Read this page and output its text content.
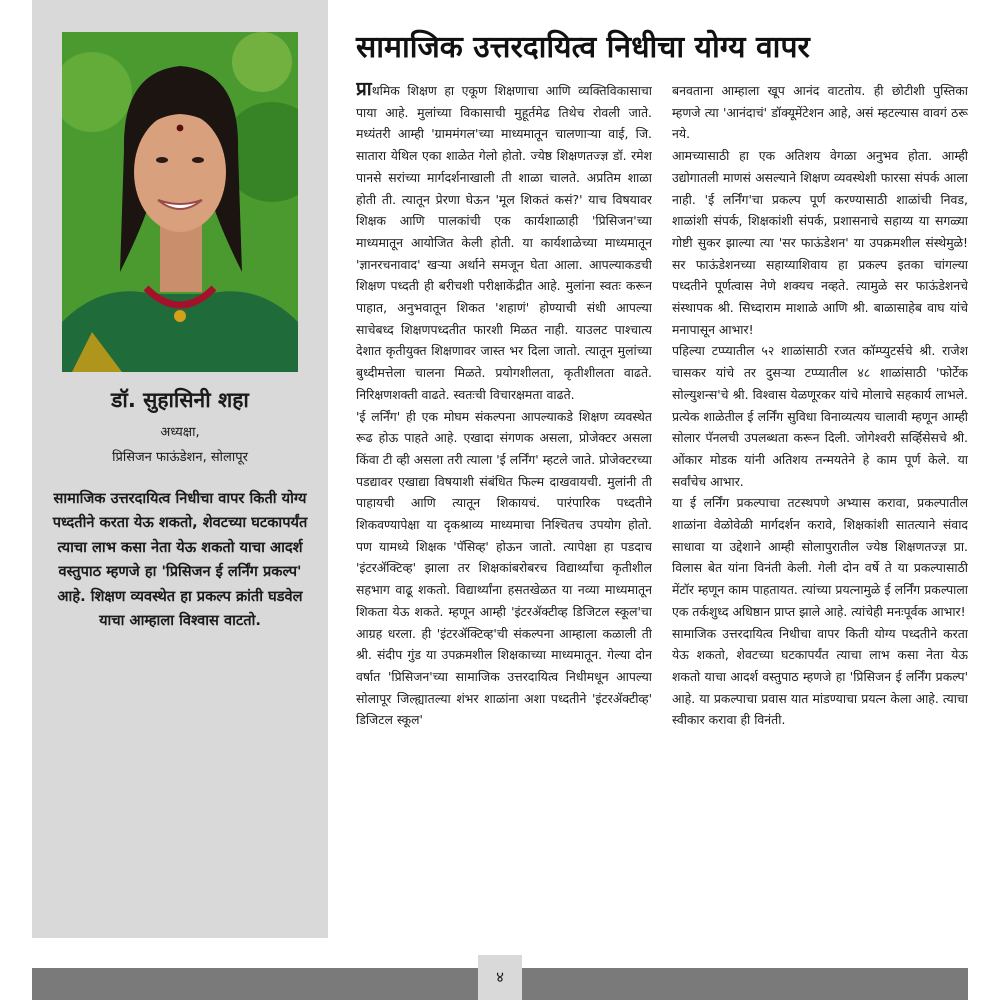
डॉ. सुहासिनी शहा

अध्यक्षा,

प्रिसिजन फाऊंडेशन, सोलापूर

सामाजिक उत्तरदायित्व निधीचा वापर किती योग्य पध्दतीने करता येऊ शकतो, शेवटच्या घटकापर्यंत त्याचा लाभ कसा नेता येऊ शकतो याचा आदर्श वस्तुपाठ म्हणजे हा 'प्रिसिजन ई लर्निंग प्रकल्प' आहे. शिक्षण व्यवस्थेत हा प्रकल्प क्रांती घडवेल याचा आम्हाला विश्वास वाटतो.

सामाजिक उत्तरदायित्व निधीचा योग्य वापर

प्राथमिक शिक्षण हा एकूण शिक्षणाचा आणि व्यक्तिविकासाचा पाया आहे. मुलांच्या विकासाची मुहूर्तमेढ तिथेच रोवली जाते. मध्यंतरी आम्ही 'ग्राममंगल'च्या माध्यमातून चालणाऱ्या वाई, जि. सातारा येथिल एका शाळेत गेलो होतो. ज्येष्ठ शिक्षणतज्ज्ञ डॉ. रमेश पानसे सरांच्या मार्गदर्शनाखाली ती शाळा चालते. अप्रतिम शाळा होती ती. त्यातून प्रेरणा घेऊन 'मूल शिकतं कसं?' याच विषयावर शिक्षक आणि पालकांची एक कार्यशाळाही 'प्रिसिजन'च्या माध्यमातून आयोजित केली होती. या कार्यशाळेच्या माध्यमातून 'ज्ञानरचनावाद' खऱ्या अर्थाने समजून घेता आला. आपल्याकडची शिक्षण पध्दती ही बरीचशी परीक्षाकेंद्रीत आहे. मुलांना स्वतः करून पाहात, अनुभवातून शिकत 'शहाणं' होण्याची संधी आपल्या साचेबध्द शिक्षणपध्दतीत फारशी मिळत नाही. याउलट पाश्चात्य देशात कृतीयुक्त शिक्षणावर जास्त भर दिला जातो. त्यातून मुलांच्या बुध्दीमत्तेला चालना मिळते. प्रयोगशीलता, कृतीशीलता वाढते. निरिक्षणशक्ती वाढते. स्वतःची विचारक्षमता वाढते.

'ई लर्निंग' ही एक मोघम संकल्पना आपल्याकडे शिक्षण व्यवस्थेत रूढ होऊ पाहते आहे. एखादा संगणक असला, प्रोजेक्टर असला किंवा टी व्ही असला तरी त्याला 'ई लर्निंग' म्हटले जाते. प्रोजेक्टरच्या पडद्यावर एखाद्या विषयाशी संबंधित फिल्म दाखवायची. मुलांनी ती पाहायची आणि त्यातून शिकायचं. पारंपारिक पध्दतीने शिकवण्यापेक्षा या दृकश्राव्य माध्यमाचा निश्चितच उपयोग होतो. पण यामध्ये शिक्षक 'पॅसिव्ह' होऊन जातो. त्यापेक्षा हा पडदाच 'इंटरॲक्टिव्ह' झाला तर शिक्षकांबरोबरच विद्यार्थ्यांचा कृतीशील सहभाग वाढू शकतो. विद्यार्थ्यांना हसतखेळत या नव्या माध्यमातून शिकता येऊ शकते. म्हणून आम्ही 'इंटरॲक्टीव्ह डिजिटल स्कूल'चा आग्रह धरला. ही 'इंटरॲक्टिव्ह'ची संकल्पना आम्हाला कळाली ती श्री. संदीप गुंड या उपक्रमशील शिक्षकाच्या माध्यमातून. गेल्या दोन वर्षात 'प्रिसिजन'च्या सामाजिक उत्तरदायित्व निधीमधून आपल्या सोलापूर जिल्ह्यातल्या शंभर शाळांना अशा पध्दतीने 'इंटरॲक्टीव्ह' डिजिटल स्कूल'

बनवताना आम्हाला खूप आनंद वाटतोय. ही छोटीशी पुस्तिका म्हणजे त्या 'आनंदाचं' डॉक्यूमेंटेशन आहे, असं म्हटल्यास वावगं ठरू नये.

आमच्यासाठी हा एक अतिशय वेगळा अनुभव होता. आम्ही उद्योगातली माणसं असल्याने शिक्षण व्यवस्थेशी फारसा संपर्क आला नाही. 'ई लर्निंग'चा प्रकल्प पूर्ण करण्यासाठी शाळांची निवड, शाळांशी संपर्क, शिक्षकांशी संपर्क, प्रशासनाचे सहाय्य या सगळ्या गोष्टी सुकर झाल्या त्या 'सर फाऊंडेशन' या उपक्रमशील संस्थेमुळे! सर फाऊंडेशनच्या सहाय्याशिवाय हा प्रकल्प इतका चांगल्या पध्दतीने पूर्णत्वास नेणे शक्यच नव्हते. त्यामुळे सर फाऊंडेशनचे संस्थापक श्री. सिध्दाराम माशाळे आणि श्री. बाळासाहेब वाघ यांचे मनापासून आभार!

पहिल्या टप्प्यातील ५२ शाळांसाठी रजत कॉम्प्युटर्सचे श्री. राजेश चासकर यांचे तर दुसऱ्या टप्प्यातील ४८ शाळांसाठी 'फोर्टेक सोल्युशन्स'चे श्री. विश्वास येळणूरकर यांचे मोलाचे सहकार्य लाभले. प्रत्येक शाळेतील ई लर्निंग सुविधा विनाव्यत्यय चालावी म्हणून आम्ही सोलार पॅनलची उपलब्धता करून दिली. जोगेश्वरी सर्व्हिसेसचे श्री. ओंकार मोडक यांनी अतिशय तन्मयतेने हे काम पूर्ण केले. या सर्वांचेच आभार.

या ई लर्निंग प्रकल्पाचा तटस्थपणे अभ्यास करावा, प्रकल्पातील शाळांना वेळोवेळी मार्गदर्शन करावे, शिक्षकांशी सातत्याने संवाद साधावा या उद्देशाने आम्ही सोलापुरातील ज्येष्ठ शिक्षणतज्ज्ञ प्रा. विलास बेत यांना विनंती केली. गेली दोन वर्षे ते या प्रकल्पासाठी मेंटॉर म्हणून काम पाहतायत. त्यांच्या प्रयत्नामुळे ई लर्निंग प्रकल्पाला एक तर्कशुध्द अधिष्ठान प्राप्त झाले आहे. त्यांचेही मनःपूर्वक आभार!

सामाजिक उत्तरदायित्व निधीचा वापर किती योग्य पध्दतीने करता येऊ शकतो, शेवटच्या घटकापर्यंत त्याचा लाभ कसा नेता येऊ शकतो याचा आदर्श वस्तुपाठ म्हणजे हा 'प्रिसिजन ई लर्निंग प्रकल्प' आहे. या प्रकल्पाचा प्रवास यात मांडण्याचा प्रयत्न केला आहे. त्याचा स्वीकार करावा ही विनंती.

४
